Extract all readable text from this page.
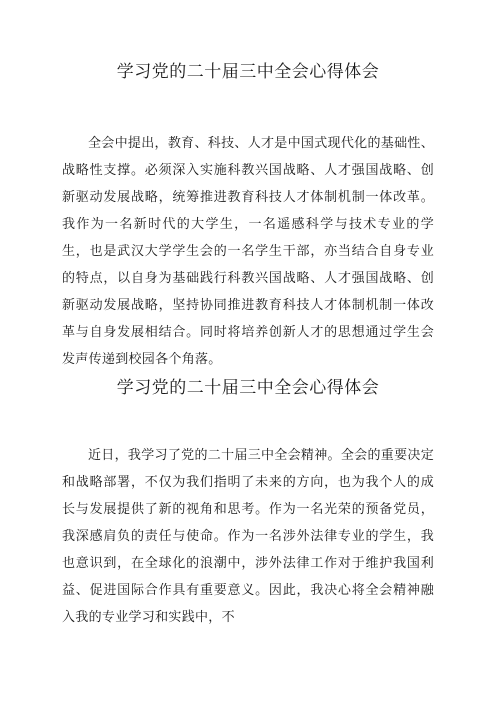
学习党的二十届三中全会心得体会

全会中提出，教育、科技、人才是中国式现代化的基础性、战略性支撑。必须深入实施科教兴国战略、人才强国战略、创新驱动发展战略，统筹推进教育科技人才体制机制一体改革。我作为一名新时代的大学生，一名遥感科学与技术专业的学生，也是武汉大学学生会的一名学生干部，亦当结合自身专业的特点，以自身为基础践行科教兴国战略、人才强国战略、创新驱动发展战略，坚持协同推进教育科技人才体制机制一体改革与自身发展相结合。同时将培养创新人才的思想通过学生会发声传递到校园各个角落。

学习党的二十届三中全会心得体会

近日，我学习了党的二十届三中全会精神。全会的重要决定和战略部署，不仅为我们指明了未来的方向，也为我个人的成长与发展提供了新的视角和思考。作为一名光荣的预备党员，我深感肩负的责任与使命。作为一名涉外法律专业的学生，我也意识到，在全球化的浪潮中，涉外法律工作对于维护我国利益、促进国际合作具有重要意义。因此，我决心将全会精神融入我的专业学习和实践中，不
